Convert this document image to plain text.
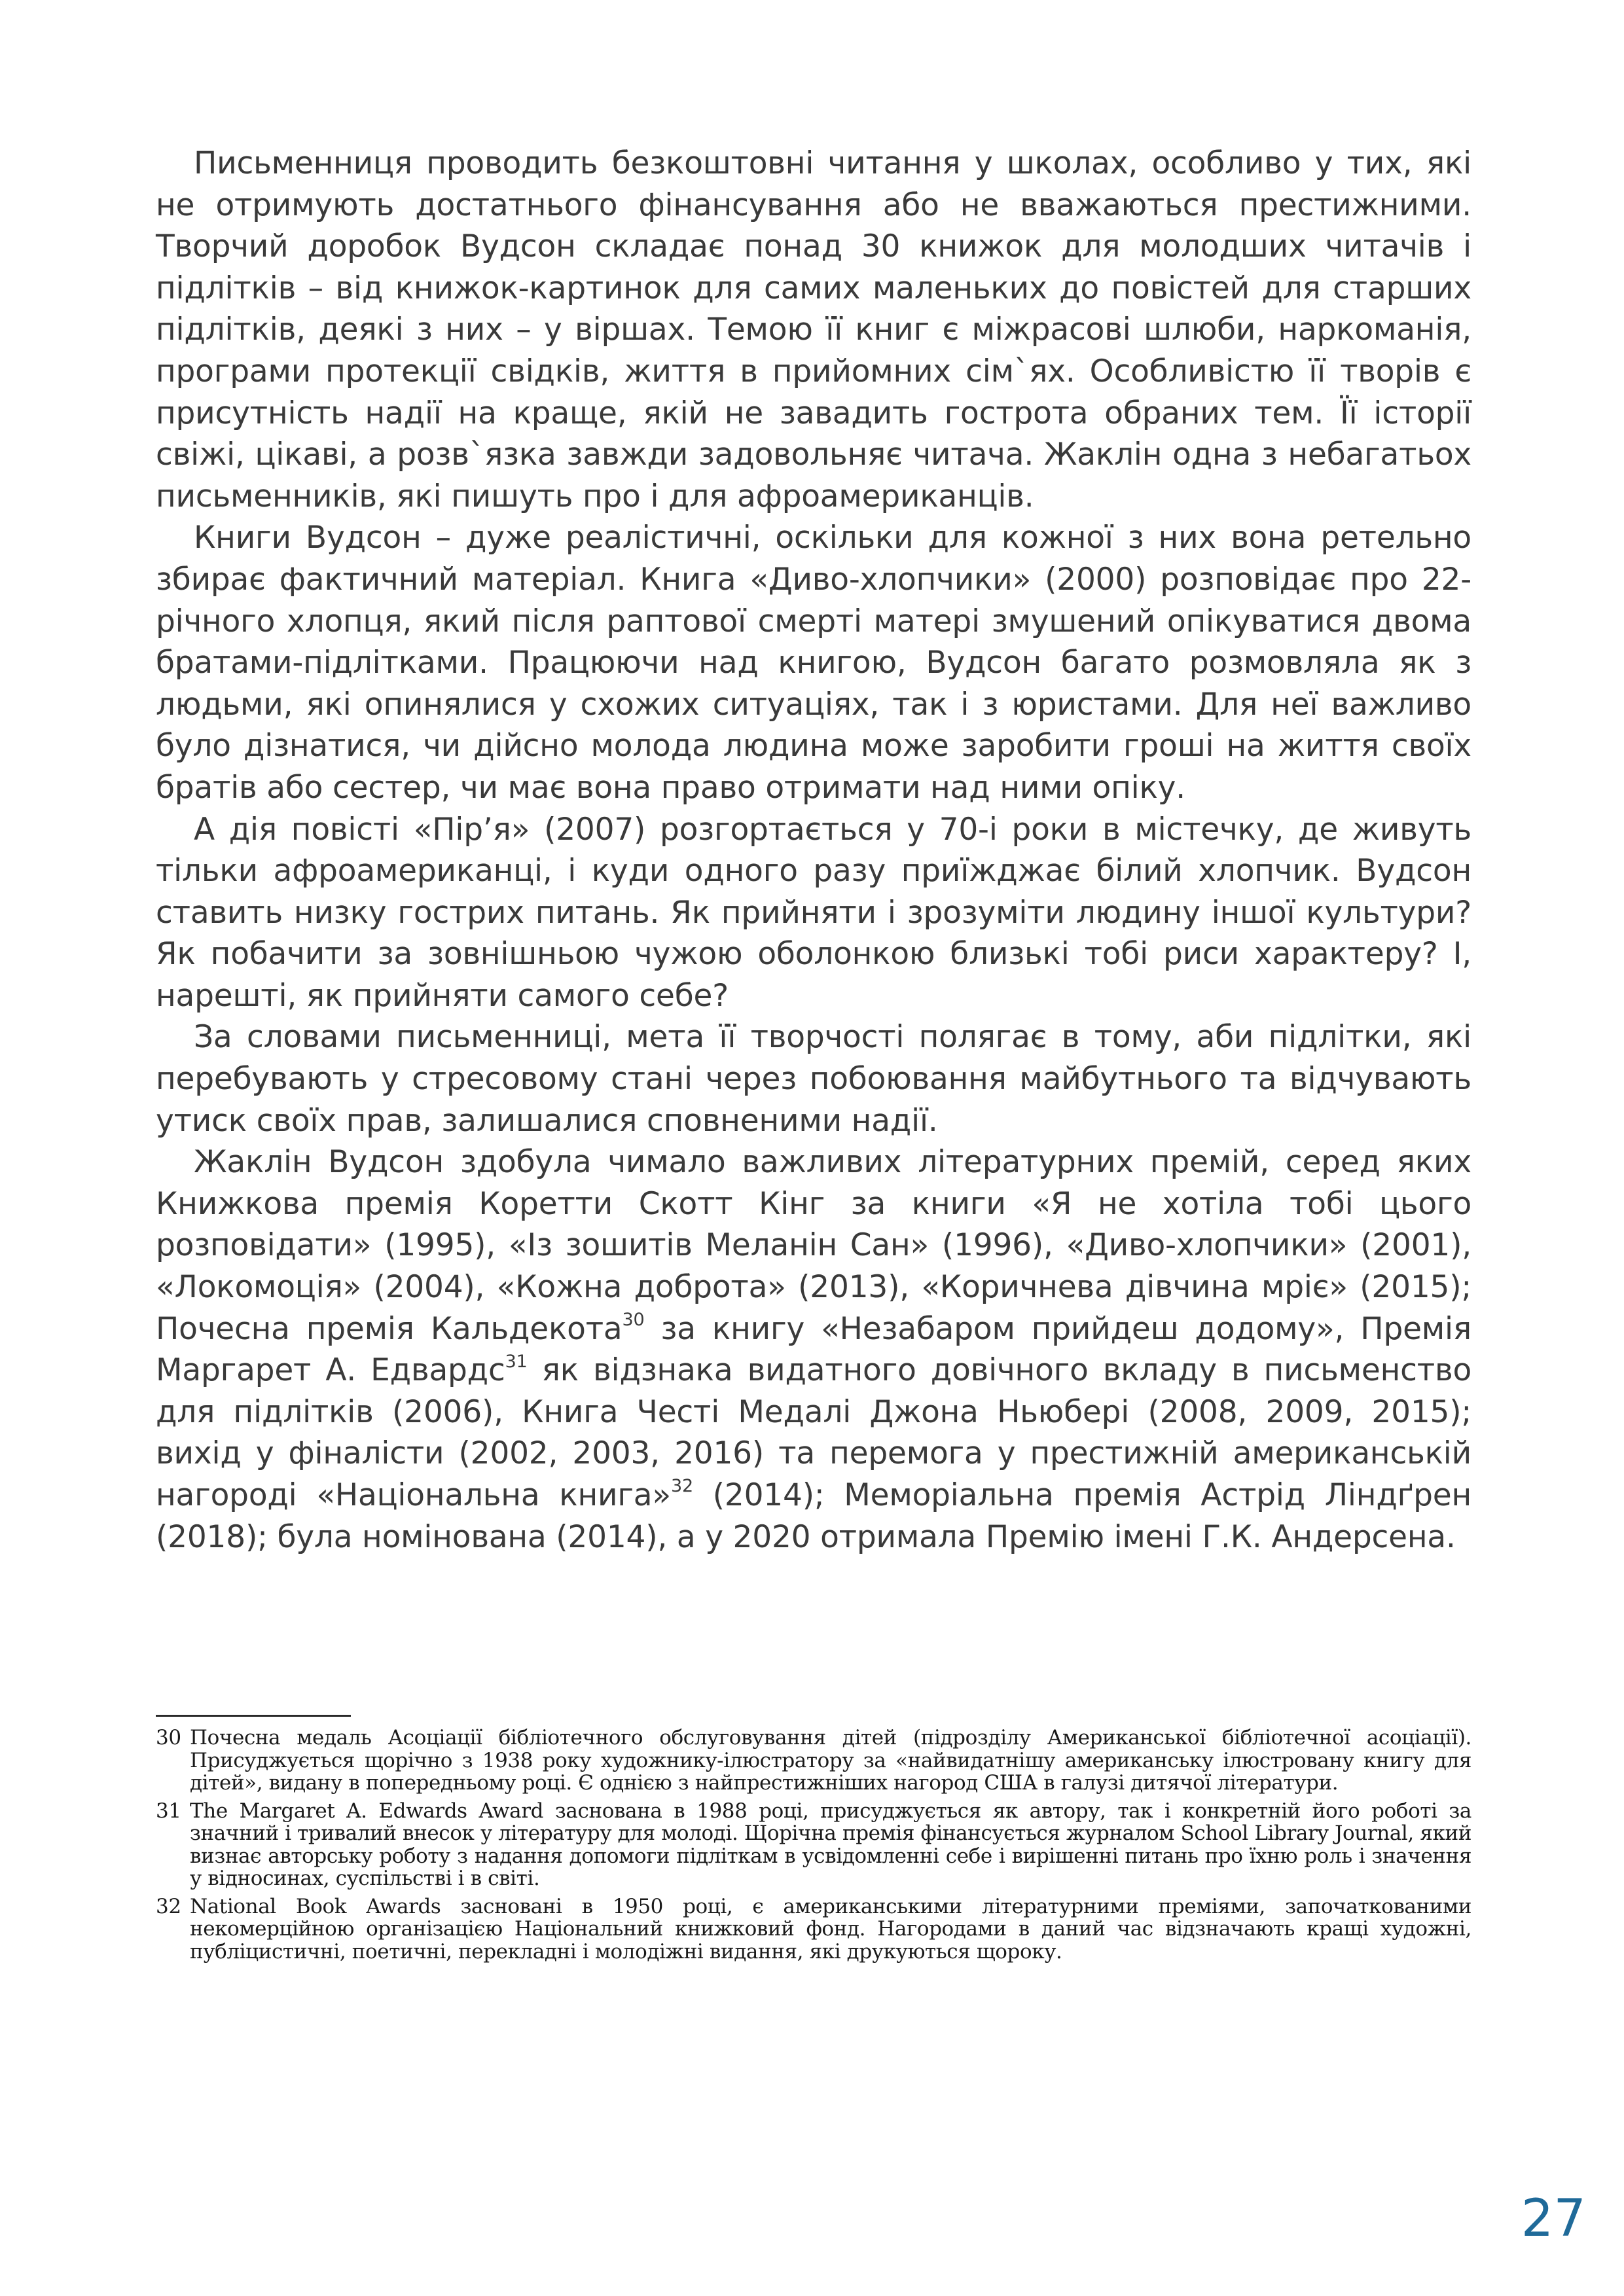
Письменниця проводить безкоштовні читання у школах, особливо у тих, які не отримують достатнього фінансування або не вважаються престижними. Творчий доробок Вудсон складає понад 30 книжок для молодших читачів і підлітків – від книжок-картинок для самих маленьких до повістей для старших підлітків, деякі з них – у віршах. Темою її книг є міжрасові шлюби, наркоманія, програми протекції свідків, життя в прийомних сім`ях. Особливістю її творів є присутність надії на краще, якій не завадить гострота обраних тем. Її історії свіжі, цікаві, а розв`язка завжди задовольняє читача. Жаклін одна з небагатьох письменників, які пишуть про і для афроамериканців.

Книги Вудсон – дуже реалістичні, оскільки для кожної з них вона ретельно збирає фактичний матеріал. Книга «Диво-хлопчики» (2000) розповідає про 22-річного хлопця, який після раптової смерті матері змушений опікуватися двома братами-підлітками. Працюючи над книгою, Вудсон багато розмовляла як з людьми, які опинялися у схожих ситуаціях, так і з юристами. Для неї важливо було дізнатися, чи дійсно молода людина може заробити гроші на життя своїх братів або сестер, чи має вона право отримати над ними опіку.

А дія повісті «Пір’я» (2007) розгортається у 70-і роки в містечку, де живуть тільки афроамериканці, і куди одного разу приїжджає білий хлопчик. Вудсон ставить низку гострих питань. Як прийняти і зрозуміти людину іншої культури? Як побачити за зовнішньою чужою оболонкою близькі тобі риси характеру? І, нарешті, як прийняти самого себе?

За словами письменниці, мета її творчості полягає в тому, аби підлітки, які перебувають у стресовому стані через побоювання майбутнього та відчувають утиск своїх прав, залишалися сповненими надії.

Жаклін Вудсон здобула чимало важливих літературних премій, серед яких Книжкова премія Коретти Скотт Кінг за книги «Я не хотіла тобі цього розповідати» (1995), «Із зошитів Меланін Сан» (1996), «Диво-хлопчики» (2001), «Локомоція» (2004), «Кожна доброта» (2013), «Коричнева дівчина мріє» (2015); Почесна премія Кальдекота$^{30}$ за книгу «Незабаром прийдеш додому», Премія Маргарет А. Едвардс$^{31}$ як відзнака видатного довічного вкладу в письменство для підлітків (2006), Книга Честі Медалі Джона Ньюбері (2008, 2009, 2015); вихід у фіналісти (2002, 2003, 2016) та перемога у престижній американській нагороді «Національна книга»$^{32}$ (2014); Меморіальна премія Астрід Ліндґрен (2018); була номінована (2014), а у 2020 отримала Премію імені Г.К. Андерсена.

30 Почесна медаль Асоціації бібліотечного обслуговування дітей (підрозділу Американської бібліотечної асоціації). Присуджується щорічно з 1938 року художнику-ілюстратору за «найвидатнішу американську ілюстровану книгу для дітей», видану в попередньому році. Є однією з найпрестижніших нагород США в галузі дитячої літератури.
31 The Margaret A. Edwards Award заснована в 1988 році, присуджується як автору, так і конкретній його роботі за значний і тривалий внесок у літературу для молоді. Щорічна премія фінансується журналом School Library Journal, який визнає авторську роботу з надання допомоги підліткам в усвідомленні себе і вирішенні питань про їхню роль і значення у відносинах, суспільстві і в світі.
32 National Book Awards засновані в 1950 році, є американськими літературними преміями, започаткованими некомерційною організацією Національний книжковий фонд. Нагородами в даний час відзначають кращі художні, публіцистичні, поетичні, перекладні і молодіжні видання, які друкуються щороку.
27
